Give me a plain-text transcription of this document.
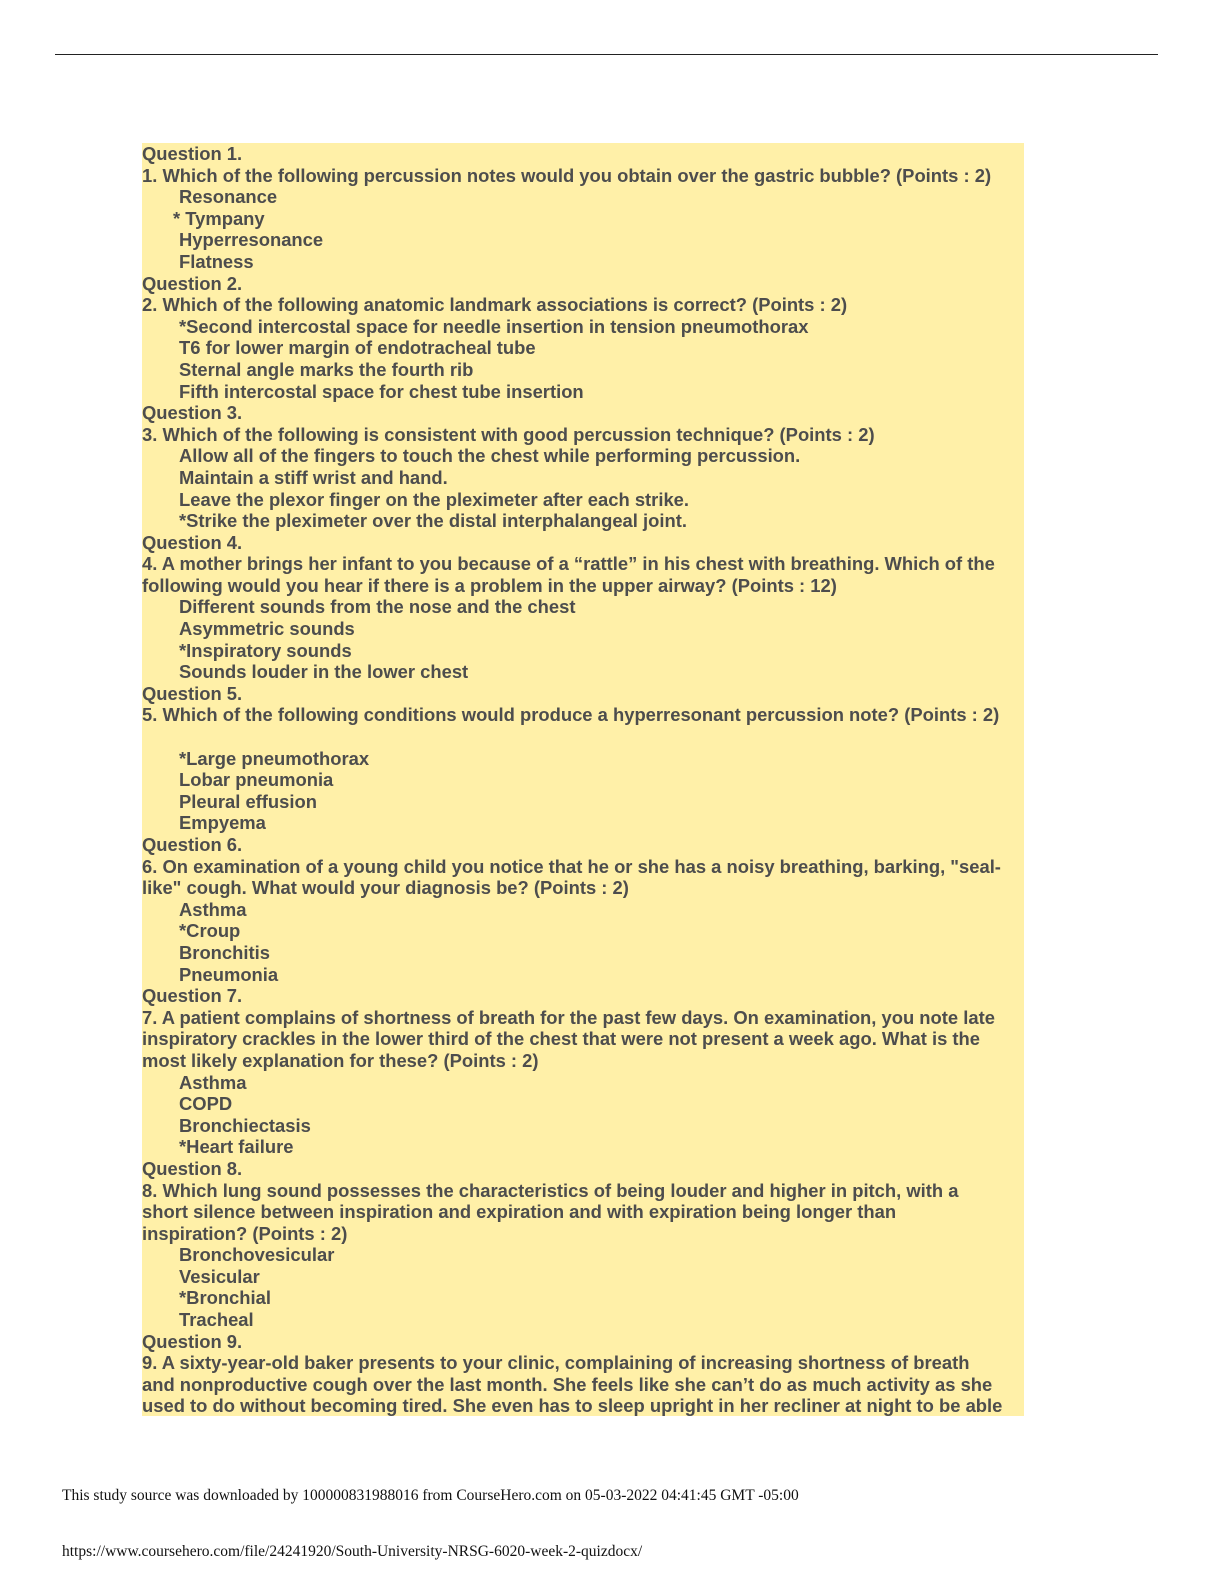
Question 1.
1. Which of the following percussion notes would you obtain over the gastric bubble? (Points : 2)
Resonance
* Tympany
Hyperresonance
Flatness
Question 2.
2. Which of the following anatomic landmark associations is correct? (Points : 2)
*Second intercostal space for needle insertion in tension pneumothorax
T6 for lower margin of endotracheal tube
Sternal angle marks the fourth rib
Fifth intercostal space for chest tube insertion
Question 3.
3. Which of the following is consistent with good percussion technique? (Points : 2)
Allow all of the fingers to touch the chest while performing percussion.
Maintain a stiff wrist and hand.
Leave the plexor finger on the pleximeter after each strike.
*Strike the pleximeter over the distal interphalangeal joint.
Question 4.
4. A mother brings her infant to you because of a “rattle” in his chest with breathing. Which of the
following would you hear if there is a problem in the upper airway? (Points : 12)
Different sounds from the nose and the chest
Asymmetric sounds
*Inspiratory sounds
Sounds louder in the lower chest
Question 5.
5. Which of the following conditions would produce a hyperresonant percussion note? (Points : 2)
*Large pneumothorax
Lobar pneumonia
Pleural effusion
Empyema
Question 6.
6. On examination of a young child you notice that he or she has a noisy breathing, barking, "seal-
like" cough. What would your diagnosis be? (Points : 2)
Asthma
*Croup
Bronchitis
Pneumonia
Question 7.
7. A patient complains of shortness of breath for the past few days. On examination, you note late
inspiratory crackles in the lower third of the chest that were not present a week ago. What is the
most likely explanation for these? (Points : 2)
Asthma
COPD
Bronchiectasis
*Heart failure
Question 8.
8. Which lung sound possesses the characteristics of being louder and higher in pitch, with a
short silence between inspiration and expiration and with expiration being longer than
inspiration? (Points : 2)
Bronchovesicular
Vesicular
*Bronchial
Tracheal
Question 9.
9. A sixty-year-old baker presents to your clinic, complaining of increasing shortness of breath
and nonproductive cough over the last month. She feels like she can’t do as much activity as she
used to do without becoming tired. She even has to sleep upright in her recliner at night to be able
This study source was downloaded by 100000831988016 from CourseHero.com on 05-03-2022 04:41:45 GMT -05:00
https://www.coursehero.com/file/24241920/South-University-NRSG-6020-week-2-quizdocx/
